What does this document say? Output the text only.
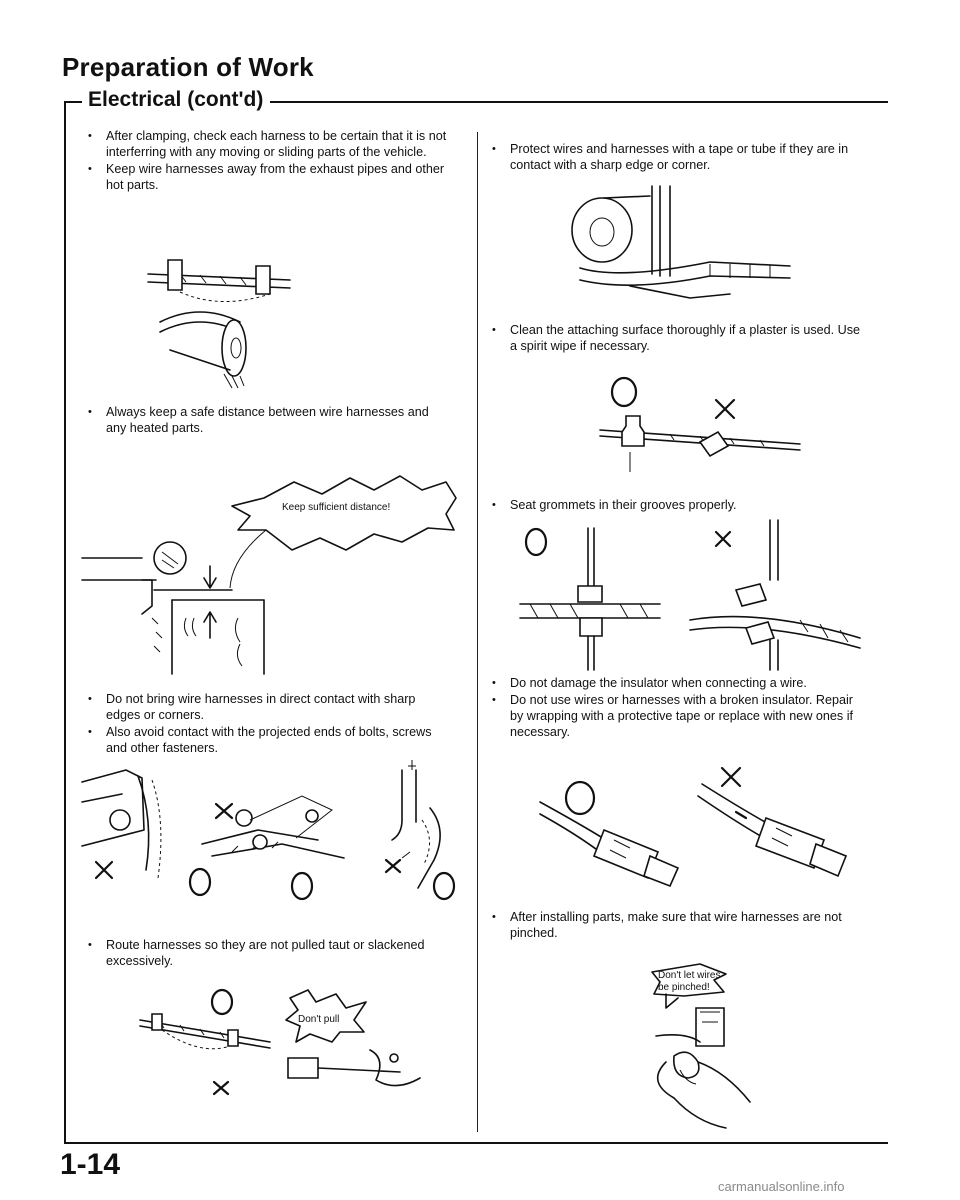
Preparation of Work
Electrical (cont'd)
• After clamping, check each harness to be certain that it is not interferring with any moving or sliding parts of the vehicle.
• Keep wire harnesses away from the exhaust pipes and other hot parts.
• Always keep a safe distance between wire harnesses and any heated parts.
Keep sufficient distance!
• Do not bring wire harnesses in direct contact with sharp edges or corners.
• Also avoid contact with the projected ends of bolts, screws and other fasteners.
• Route harnesses so they are not pulled taut or slackened excessively.
Don't pull
• Protect wires and harnesses with a tape or tube if they are in contact with a sharp edge or corner.
• Clean the attaching surface thoroughly if a plaster is used. Use a spirit wipe if necessary.
• Seat grommets in their grooves properly.
• Do not damage the insulator when connecting a wire.
• Do not use wires or harnesses with a broken insulator. Repair by wrapping with a protective tape or replace with new ones if necessary.
• After installing parts, make sure that wire harnesses are not pinched.
Don't let wires
be pinched!
1-14
carmanualsonline.info
